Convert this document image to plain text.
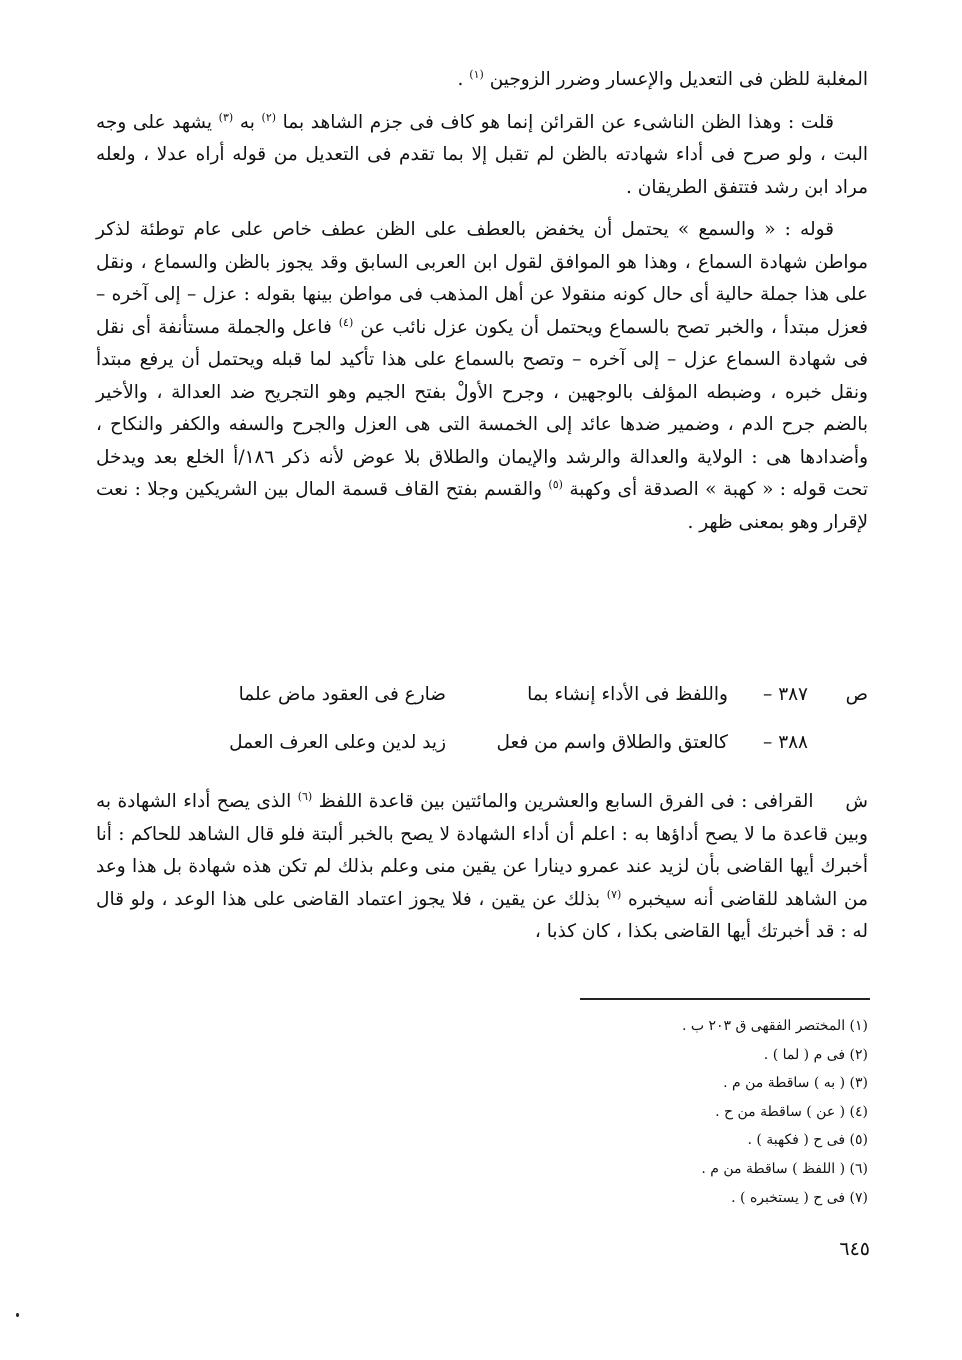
المغلبة للظن فى التعديل والإعسار وضرر الزوجين $^{(١)}$ .

قلت : وهذا الظن الناشىء عن القرائن إنما هو كاف فى جزم الشاهد بما $^{(٢)}$ به $^{(٣)}$ يشهد على وجه البت ، ولو صرح فى أداء شهادته بالظن لم تقبل إلا بما تقدم فى التعديل من قوله أراه عدلا ، ولعله مراد ابن رشد فتتفق الطريقان .

قوله : « والسمع » يحتمل أن يخفض بالعطف على الظن عطف خاص على عام توطئة لذكر مواطن شهادة السماع ، وهذا هو الموافق لقول ابن العربى السابق وقد يجوز بالظن والسماع ، ونقل على هذا جملة حالية أى حال كونه منقولا عن أهل المذهب فى مواطن بينها بقوله : عزل – إلى آخره – فعزل مبتدأ ، والخبر تصح بالسماع ويحتمل أن يكون عزل نائب عن $^{(٤)}$ فاعل والجملة مستأنفة أى نقل فى شهادة السماع عزل – إلى آخره – وتصح بالسماع على هذا تأكيد لما قبله ويحتمل أن يرفع مبتدأ ونقل خبره ، وضبطه المؤلف بالوجهين ، وجرح الأولْ بفتح الجيم وهو التجريح ضد العدالة ، والأخير بالضم جرح الدم ، وضمير ضدها عائد إلى الخمسة التى هى العزل والجرح والسفه والكفر والنكاح ، وأضدادها هى : الولاية والعدالة والرشد والإيمان والطلاق بلا عوض لأنه ذكر ١٨٦/أ الخلع بعد ويدخل تحت قوله : « كهبة » الصدقة أى وكهبة $^{(٥)}$ والقسم بفتح القاف قسمة المال بين الشريكين وجلا : نعت لإقرار وهو بمعنى ظهر .

ص
٣٨٧ –
واللفظ فى الأداء إنشاء بما
ضارع فى العقود ماض علما
٣٨٨ –
كالعتق والطلاق واسم من فعل
زيد لدين وعلى العرف العمل

ش     القرافى : فى الفرق السابع والعشرين والمائتين بين قاعدة اللفظ $^{(٦)}$ الذى يصح أداء الشهادة به وبين قاعدة ما لا يصح أداؤها به : اعلم أن أداء الشهادة لا يصح بالخبر ألبتة فلو قال الشاهد للحاكم : أنا أخبرك أيها القاضى بأن لزيد عند عمرو دينارا عن يقين منى وعلم بذلك لم تكن هذه شهادة بل هذا وعد من الشاهد للقاضى أنه سيخبره $^{(٧)}$ بذلك عن يقين ، فلا يجوز اعتماد القاضى على هذا الوعد ، ولو قال له : قد أخبرتك أيها القاضى بكذا ، كان كذبا ،

(١) المختصر الفقهى ق ٢٠٣ ب .

(٢) فى م ( لما ) .

(٣) ( به ) ساقطة من م .

(٤) ( عن ) ساقطة من ح .

(٥) فى ح ( فكهبة ) .

(٦) ( اللفظ ) ساقطة من م .

(٧) فى ح ( يستخبره ) .

٦٤٥
